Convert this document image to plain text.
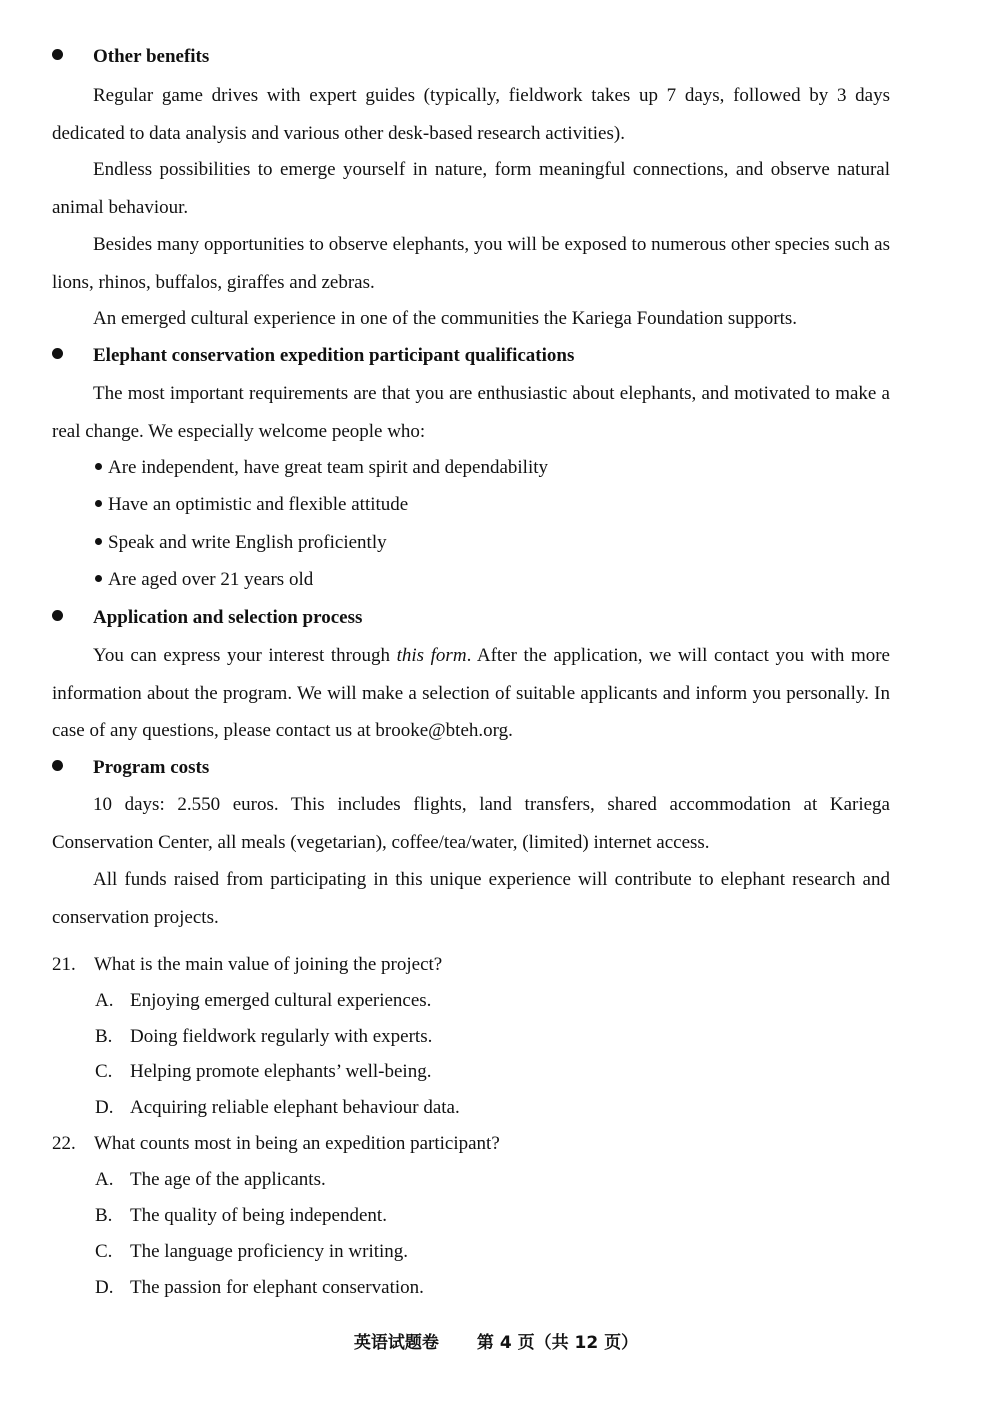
Other benefits
Regular game drives with expert guides (typically, fieldwork takes up 7 days, followed by 3 days dedicated to data analysis and various other desk-based research activities).
Endless possibilities to emerge yourself in nature, form meaningful connections, and observe natural animal behaviour.
Besides many opportunities to observe elephants, you will be exposed to numerous other species such as lions, rhinos, buffalos, giraffes and zebras.
An emerged cultural experience in one of the communities the Kariega Foundation supports.
Elephant conservation expedition participant qualifications
The most important requirements are that you are enthusiastic about elephants, and motivated to make a real change. We especially welcome people who:
Are independent, have great team spirit and dependability
Have an optimistic and flexible attitude
Speak and write English proficiently
Are aged over 21 years old
Application and selection process
You can express your interest through this form. After the application, we will contact you with more information about the program. We will make a selection of suitable applicants and inform you personally. In case of any questions, please contact us at brooke@bteh.org.
Program costs
10 days: 2.550 euros. This includes flights, land transfers, shared accommodation at Kariega Conservation Center, all meals (vegetarian), coffee/tea/water, (limited) internet access.
All funds raised from participating in this unique experience will contribute to elephant research and conservation projects.
21. What is the main value of joining the project?
A. Enjoying emerged cultural experiences.
B. Doing fieldwork regularly with experts.
C. Helping promote elephants’ well-being.
D. Acquiring reliable elephant behaviour data.
22. What counts most in being an expedition participant?
A. The age of the applicants.
B. The quality of being independent.
C. The language proficiency in writing.
D. The passion for elephant conservation.
英语试题卷 第 4 页（共 12 页）
